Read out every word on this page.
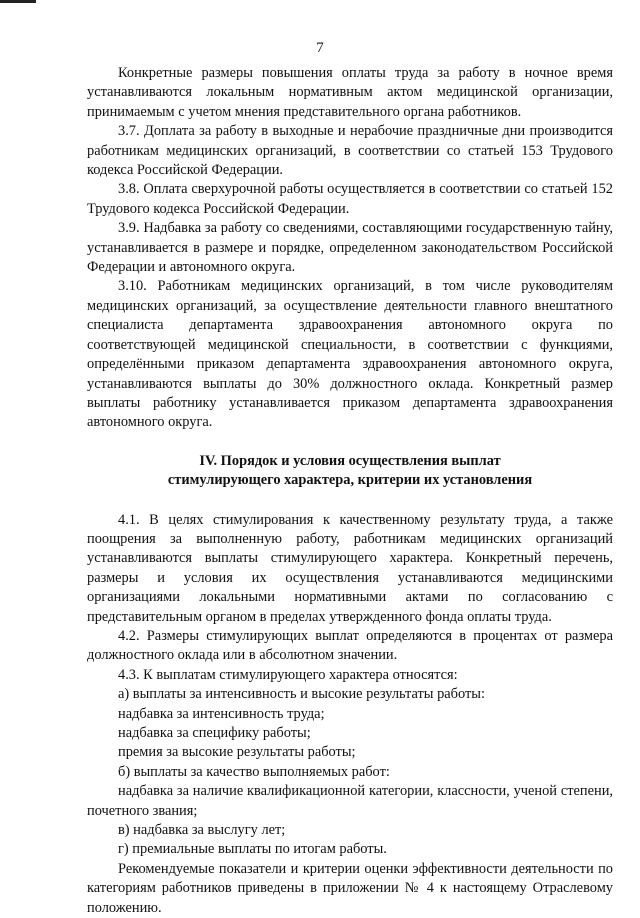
7

Конкретные размеры повышения оплаты труда за работу в ночное время устанавливаются локальным нормативным актом медицинской организации, принимаемым с учетом мнения представительного органа работников.

3.7. Доплата за работу в выходные и нерабочие праздничные дни производится работникам медицинских организаций, в соответствии со статьей 153 Трудового кодекса Российской Федерации.

3.8. Оплата сверхурочной работы осуществляется в соответствии со статьей 152 Трудового кодекса Российской Федерации.

3.9. Надбавка за работу со сведениями, составляющими государственную тайну, устанавливается в размере и порядке, определенном законодательством Российской Федерации и автономного округа.

3.10. Работникам медицинских организаций, в том числе руководителям медицинских организаций, за осуществление деятельности главного внештатного специалиста департамента здравоохранения автономного округа по соответствующей медицинской специальности, в соответствии с функциями, определёнными приказом департамента здравоохранения автономного округа, устанавливаются выплаты до 30% должностного оклада. Конкретный размер выплаты работнику устанавливается приказом департамента здравоохранения автономного округа.

IV. Порядок и условия осуществления выплат
стимулирующего характера, критерии их установления

4.1. В целях стимулирования к качественному результату труда, а также поощрения за выполненную работу, работникам медицинских организаций устанавливаются выплаты стимулирующего характера. Конкретный перечень, размеры и условия их осуществления устанавливаются медицинскими организациями локальными нормативными актами по согласованию с представительным органом в пределах утвержденного фонда оплаты труда.

4.2. Размеры стимулирующих выплат определяются в процентах от размера должностного оклада или в абсолютном значении.

4.3. К выплатам стимулирующего характера относятся:

а) выплаты за интенсивность и высокие результаты работы:

надбавка за интенсивность труда;

надбавка за специфику работы;

премия за высокие результаты работы;

б) выплаты за качество выполняемых работ:

надбавка за наличие квалификационной категории, классности, ученой степени, почетного звания;

в) надбавка за выслугу лет;

г) премиальные выплаты по итогам работы.

Рекомендуемые показатели и критерии оценки эффективности деятельности по категориям работников приведены в приложении № 4 к настоящему Отраслевому положению.
